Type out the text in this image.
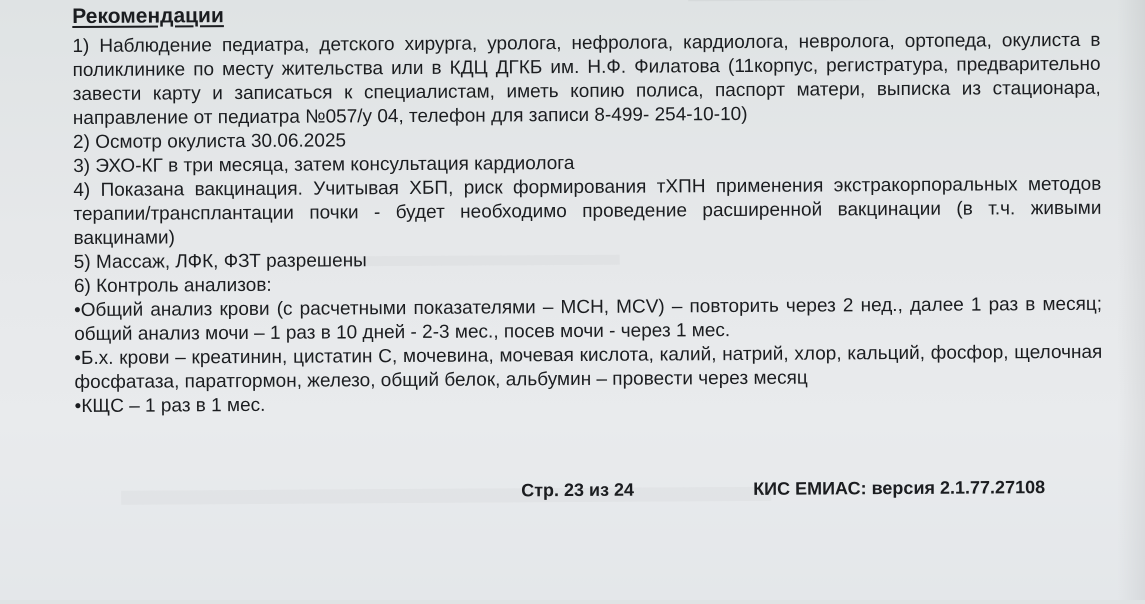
Рекомендации

1) Наблюдение педиатра, детского хирурга, уролога, нефролога, кардиолога, невролога, ортопеда, окулиста в поликлинике по месту жительства или в КДЦ ДГКБ им. Н.Ф. Филатова (11корпус, регистратура, предварительно завести карту и записаться к специалистам, иметь копию полиса, паспорт матери, выписка из стационара, направление от педиатра №057/у 04, телефон для записи 8-499- 254-10-10)

2) Осмотр окулиста 30.06.2025

3) ЭХО-КГ в три месяца, затем консультация кардиолога

4) Показана вакцинация. Учитывая ХБП, риск формирования тХПН применения экстракорпоральных методов терапии/трансплантации почки - будет необходимо проведение расширенной вакцинации (в т.ч. живыми вакцинами)

5) Массаж, ЛФК, ФЗТ разрешены

6) Контроль анализов:

•Общий анализ крови (с расчетными показателями – МСН, MCV) – повторить через 2 нед., далее 1 раз в месяц; общий анализ мочи – 1 раз в 10 дней - 2-3 мес., посев мочи - через 1 мес.

•Б.х. крови – креатинин, цистатин С, мочевина, мочевая кислота, калий, натрий, хлор, кальций, фосфор, щелочная фосфатаза, паратгормон, железо, общий белок, альбумин – провести через месяц

•КЩС – 1 раз в 1 мес.

Стр. 23 из 24	КИС ЕМИАС: версия 2.1.77.27108
